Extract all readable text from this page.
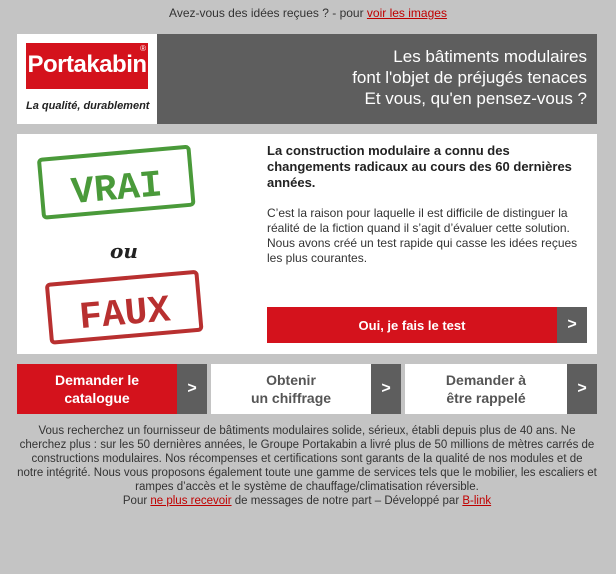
Avez-vous des idées reçues ? - pour voir les images
Portakabin
®
La qualité, durablement
Les bâtiments modulaires
font l'objet de préjugés tenaces
Et vous, qu'en pensez-vous ?
VRAI
ou
FAUX
La construction modulaire a connu des changements radicaux au cours des 60 dernières années.

C’est la raison pour laquelle il est difficile de distinguer la réalité de la fiction quand il s’agit d’évaluer cette solution.

Nous avons créé un test rapide qui casse les idées reçues les plus courantes.

Oui, je fais le test	>
Demander le
catalogue
>	Obtenir
un chiffrage
>	Demander à
être rappelé
>
Vous recherchez un fournisseur de bâtiments modulaires solide, sérieux, établi depuis plus de 40 ans. Ne cherchez plus : sur les 50 dernières années, le Groupe Portakabin a livré plus de 50 millions de mètres carrés de constructions modulaires. Nos récompenses et certifications sont garants de la qualité de nos modules et de notre intégrité. Nous vous proposons également toute une gamme de services tels que le mobilier, les escaliers et rampes d’accès et le système de chauffage/climatisation réversible.
Pour ne plus recevoir de messages de notre part – Développé par B-link
